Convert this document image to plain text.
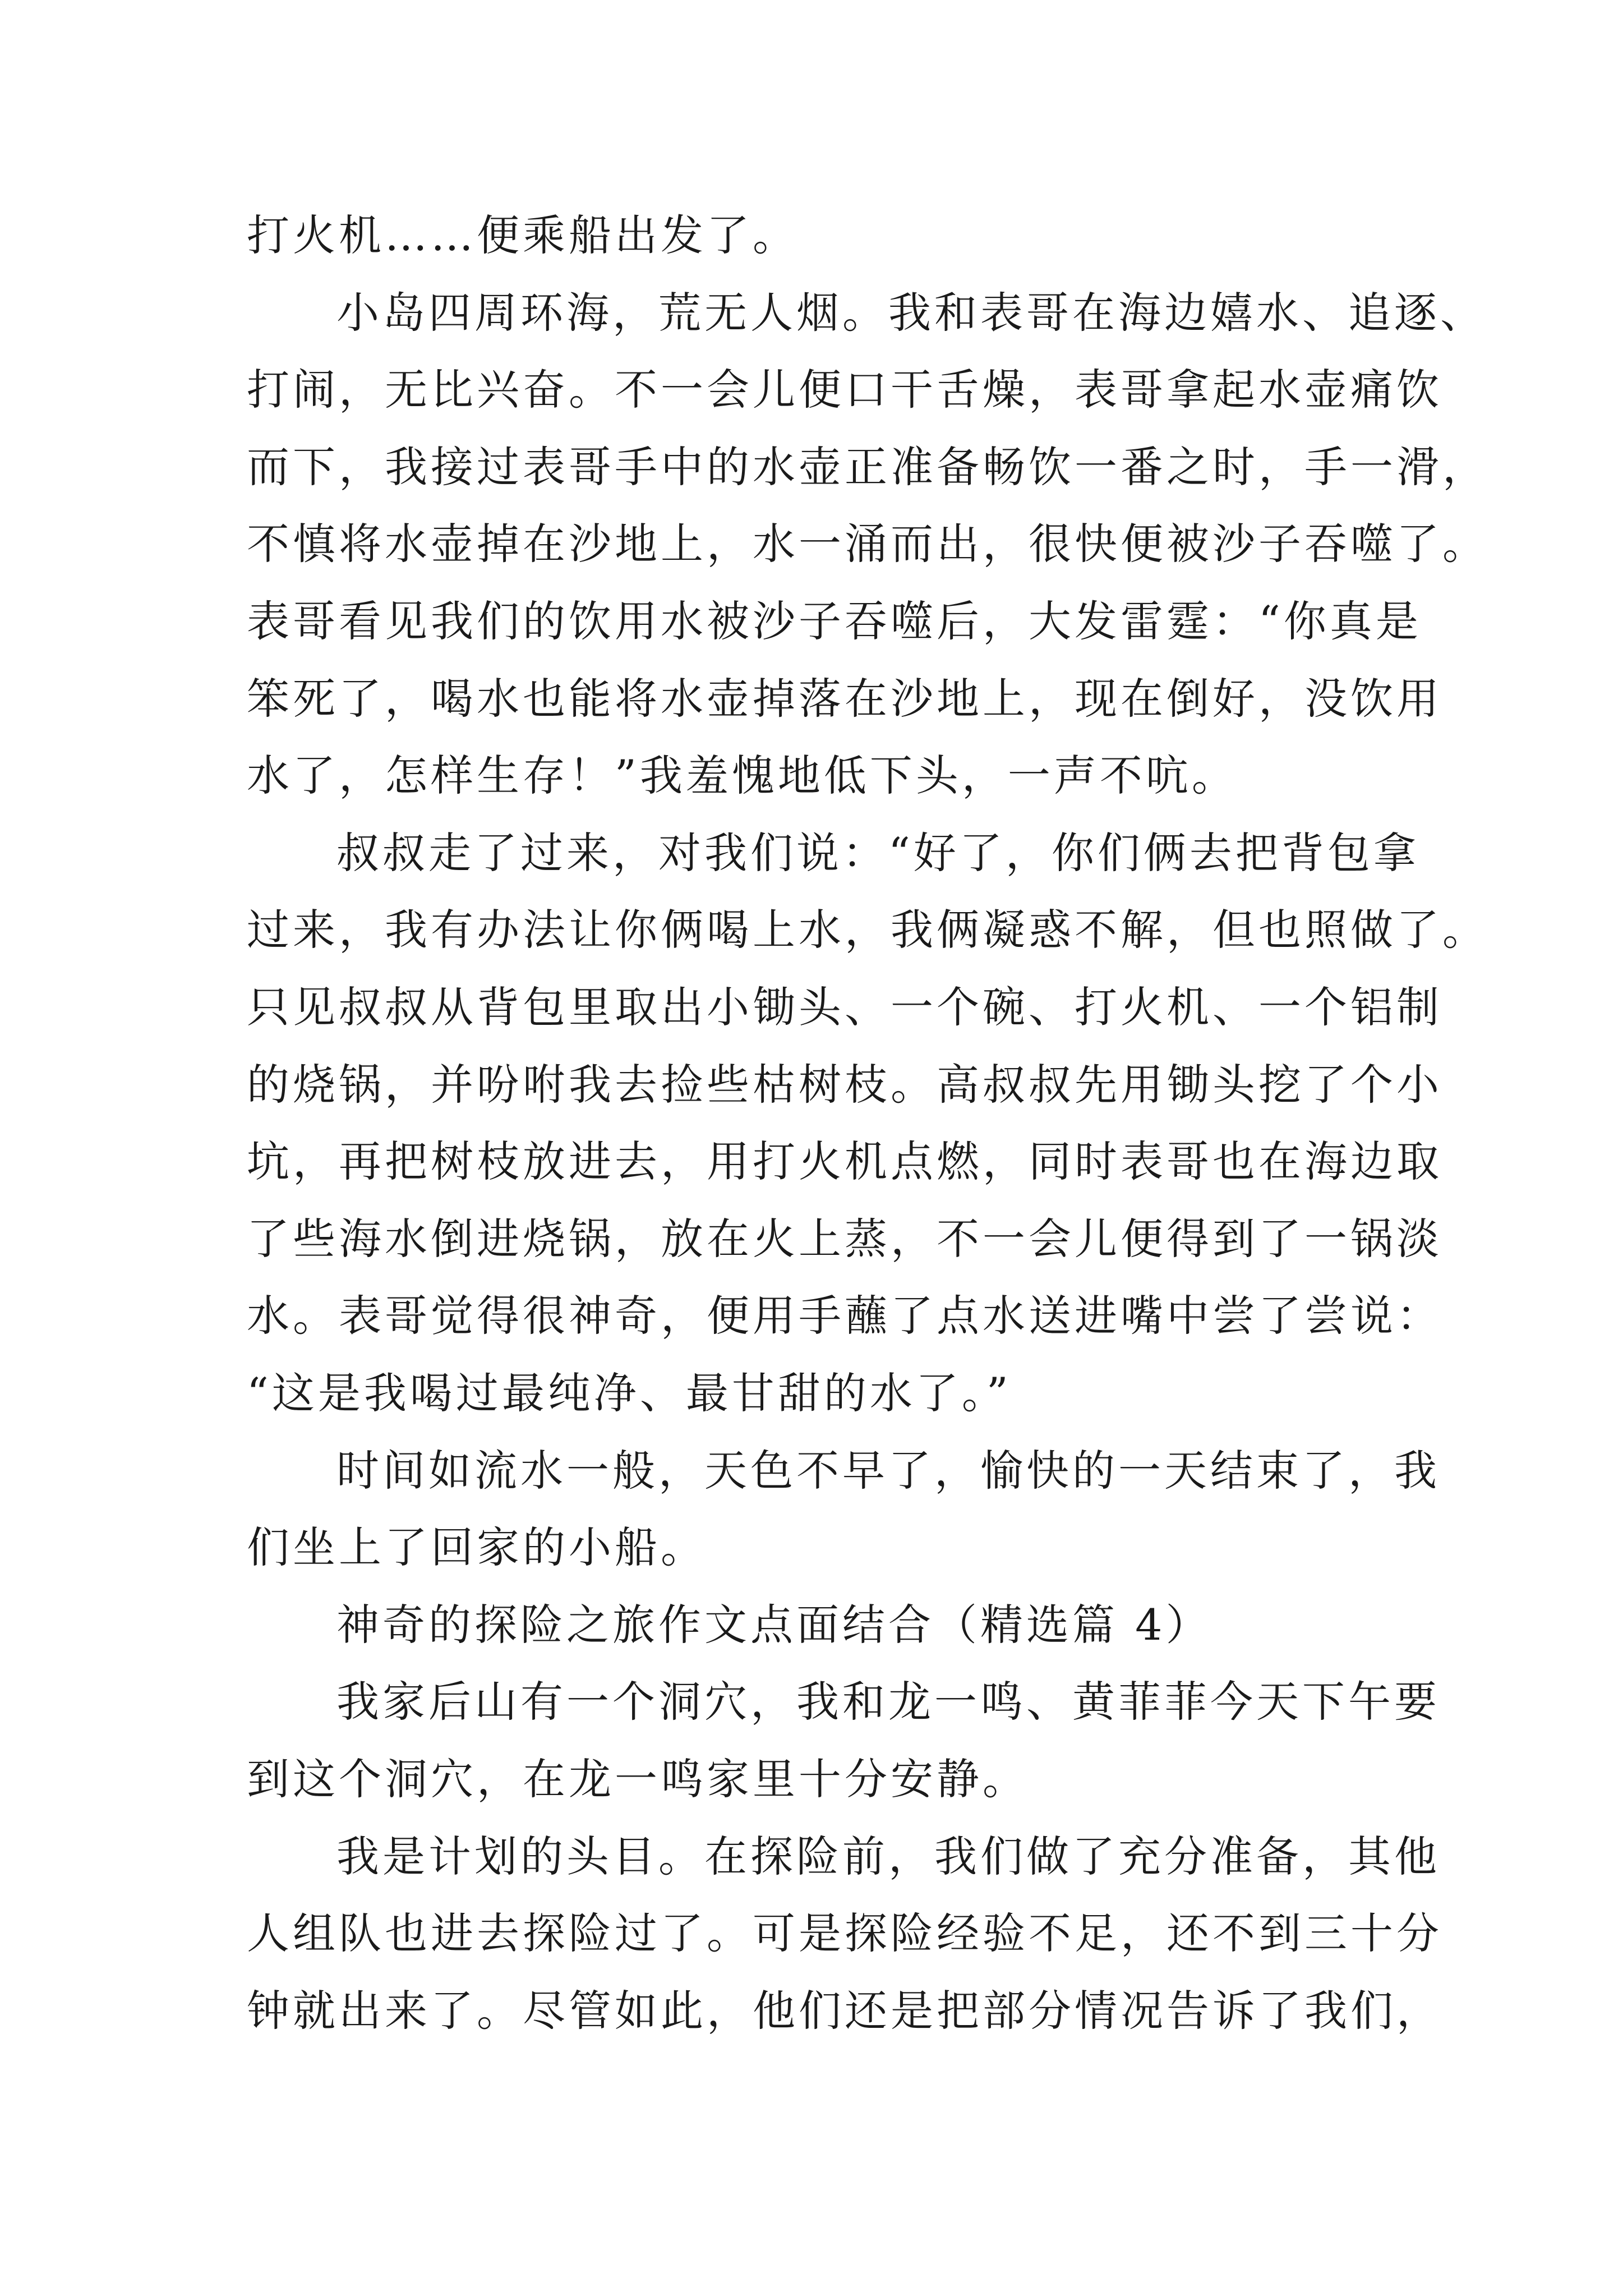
打火机……便乘船出发了。
小岛四周环海，荒无人烟。我和表哥在海边嬉水、追逐、
打闹，无比兴奋。不一会儿便口干舌燥，表哥拿起水壶痛饮
而下，我接过表哥手中的水壶正准备畅饮一番之时，手一滑，
不慎将水壶掉在沙地上，水一涌而出，很快便被沙子吞噬了。
表哥看见我们的饮用水被沙子吞噬后，大发雷霆：“你真是
笨死了，喝水也能将水壶掉落在沙地上，现在倒好，没饮用
水了，怎样生存！”我羞愧地低下头，一声不吭。
叔叔走了过来，对我们说：“好了，你们俩去把背包拿
过来，我有办法让你俩喝上水，我俩凝惑不解，但也照做了。
只见叔叔从背包里取出小锄头、一个碗、打火机、一个铝制
的烧锅，并吩咐我去捡些枯树枝。高叔叔先用锄头挖了个小
坑，再把树枝放进去，用打火机点燃，同时表哥也在海边取
了些海水倒进烧锅，放在火上蒸，不一会儿便得到了一锅淡
水。表哥觉得很神奇，便用手蘸了点水送进嘴中尝了尝说：
“这是我喝过最纯净、最甘甜的水了。”
时间如流水一般，天色不早了，愉快的一天结束了，我
们坐上了回家的小船。
神奇的探险之旅作文点面结合（精选篇 4）
我家后山有一个洞穴，我和龙一鸣、黄菲菲今天下午要
到这个洞穴，在龙一鸣家里十分安静。
我是计划的头目。在探险前，我们做了充分准备，其他
人组队也进去探险过了。可是探险经验不足，还不到三十分
钟就出来了。尽管如此，他们还是把部分情况告诉了我们，
